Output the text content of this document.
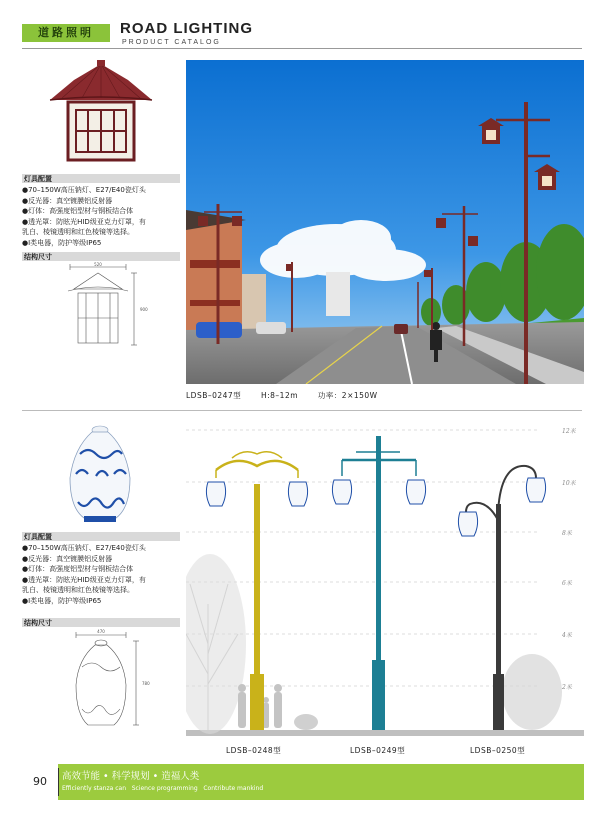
道路照明	ROAD LIGHTING
PRODUCT CATALOG
灯具配置
●70–150W高压钠灯、E27/E40瓷灯头
●反光器：真空镀膜铝反射器
●灯体：高强度铝型材与钢板结合体
●透光罩：防眩光HID级亚克力灯罩，有
乳白、棱镜透明和红色棱镜等选择。
●I类电器，防护等级IP65
结构尺寸
520
900
LDSB–0247型	H:8–12m	功率：2×150W
灯具配置
●70–150W高压钠灯、E27/E40瓷灯头
●反光器：真空镀膜铝反射器
●灯体：高强度铝型材与钢板结合体
●透光罩：防眩光HID级亚克力灯罩，有
乳白、棱镜透明和红色棱镜等选择。
●I类电器，防护等级IP65
结构尺寸
470
780
12米
10米
8米
6米
4米
2米
LDSB–0248型	LDSB–0249型	LDSB–0250型
90	高效节能 • 科学规划 • 造福人类
Efficiently stanza can   Science programming   Contribute mankind
